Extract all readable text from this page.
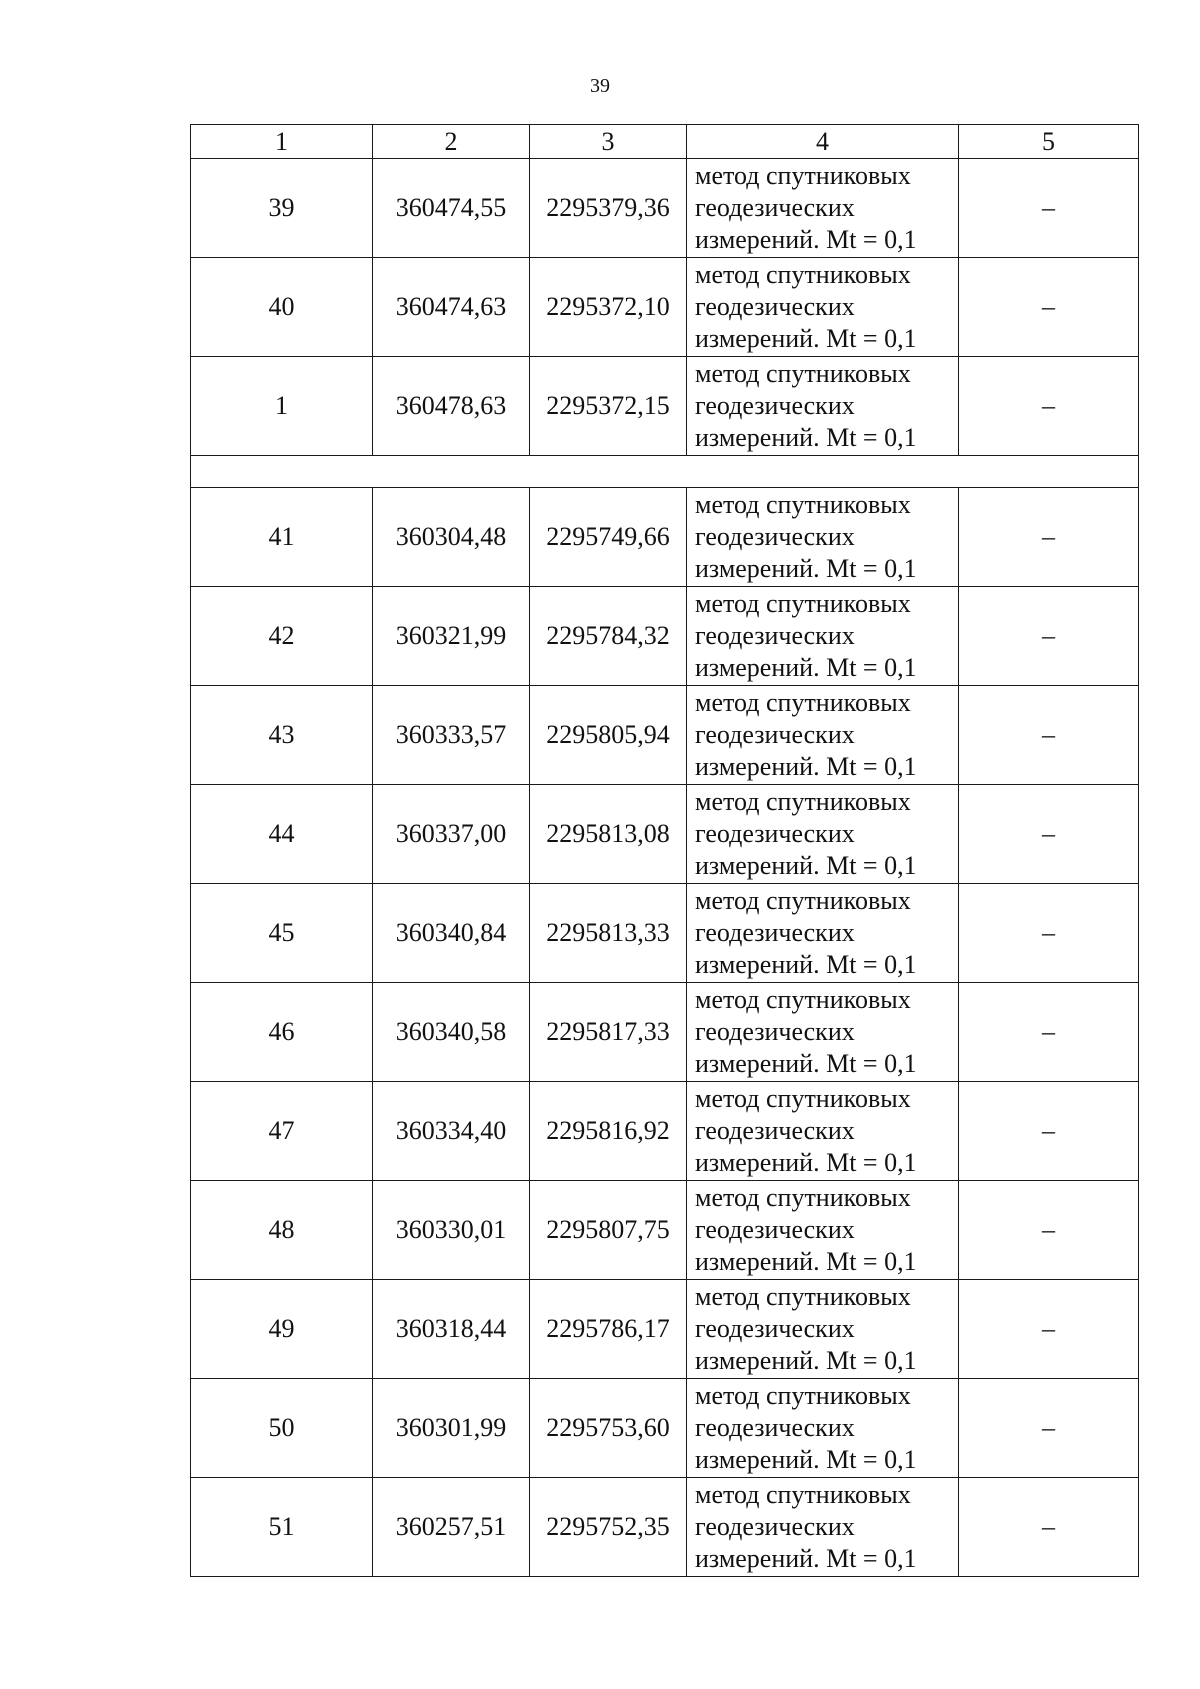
39
1	2	3	4	5
39	360474,55	2295379,36	метод спутниковых
геодезических
измерений. Mt = 0,1	–
40	360474,63	2295372,10	метод спутниковых
геодезических
измерений. Mt = 0,1	–
1	360478,63	2295372,15	метод спутниковых
геодезических
измерений. Mt = 0,1	–

41	360304,48	2295749,66	метод спутниковых
геодезических
измерений. Mt = 0,1	–
42	360321,99	2295784,32	метод спутниковых
геодезических
измерений. Mt = 0,1	–
43	360333,57	2295805,94	метод спутниковых
геодезических
измерений. Mt = 0,1	–
44	360337,00	2295813,08	метод спутниковых
геодезических
измерений. Mt = 0,1	–
45	360340,84	2295813,33	метод спутниковых
геодезических
измерений. Mt = 0,1	–
46	360340,58	2295817,33	метод спутниковых
геодезических
измерений. Mt = 0,1	–
47	360334,40	2295816,92	метод спутниковых
геодезических
измерений. Mt = 0,1	–
48	360330,01	2295807,75	метод спутниковых
геодезических
измерений. Mt = 0,1	–
49	360318,44	2295786,17	метод спутниковых
геодезических
измерений. Mt = 0,1	–
50	360301,99	2295753,60	метод спутниковых
геодезических
измерений. Mt = 0,1	–
51	360257,51	2295752,35	метод спутниковых
геодезических
измерений. Mt = 0,1	–
